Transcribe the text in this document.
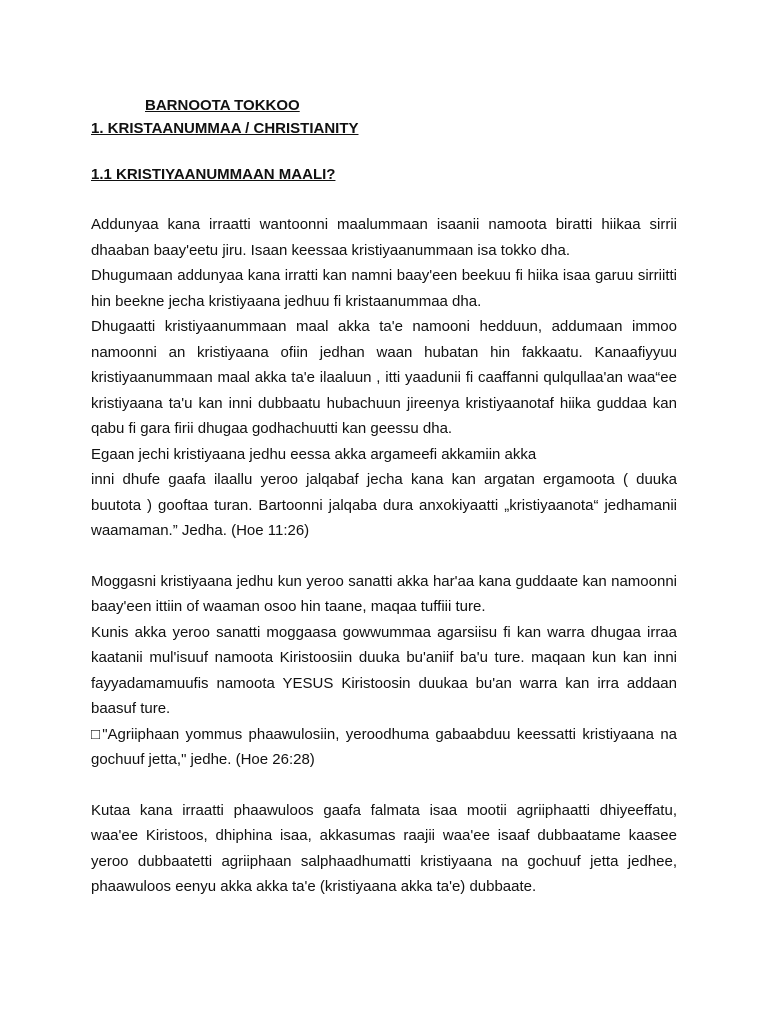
BARNOOTA TOKKOO
1. KRISTAANUMMAA / CHRISTIANITY
1.1 KRISTIYAANUMMAAN MAALI?

Addunyaa kana irraatti wantoonni maalummaan isaanii namoota biratti hiikaa sirrii dhaaban baay'eetu jiru. Isaan keessaa kristiyaanummaan isa tokko dha.

Dhugumaan addunyaa kana irratti kan namni baay'een beekuu fi hiika isaa garuu sirriitti hin beekne jecha kristiyaana jedhuu fi kristaanummaa dha.

Dhugaatti kristiyaanummaan maal akka ta'e namooni hedduun, addumaan immoo namoonni an kristiyaana ofiin jedhan waan hubatan hin fakkaatu. Kanaafiyyuu kristiyaanummaan maal akka ta'e ilaaluun , itti yaadunii fi caaffanni qulqullaa'an waa“ee kristiyaana ta'u kan inni dubbaatu hubachuun jireenya kristiyaanotaf hiika guddaa kan qabu fi gara firii dhugaa godhachuutti kan geessu dha.

Egaan jechi kristiyaana jedhu eessa akka argameefi akkamiin akka

inni dhufe gaafa ilaallu yeroo jalqabaf jecha kana kan argatan ergamoota ( duuka buutota ) gooftaa turan. Bartoonni jalqaba dura anxokiyaatti „kristiyaanota“ jedhamanii waamaman.” Jedha. (Hoe 11:26)

Moggasni kristiyaana jedhu kun yeroo sanatti akka har'aa kana guddaate kan namoonni baay'een ittiin of waaman osoo hin taane, maqaa tuffiii ture.

Kunis akka yeroo sanatti moggaasa gowwummaa agarsiisu fi kan warra dhugaa irraa kaatanii mul'isuuf namoota Kiristoosiin duuka bu'aniif ba'u ture. maqaan kun kan inni fayyadamamuufis namoota YESUS Kiristoosin duukaa bu'an warra kan irra addaan baasuf ture.

□"Agriiphaan yommus phaawulosiin, yeroodhuma gabaabduu keessatti kristiyaana na gochuuf jetta," jedhe. (Hoe 26:28)

Kutaa kana irraatti phaawuloos gaafa falmata isaa mootii agriiphaatti dhiyeeffatu, waa'ee Kiristoos, dhiphina isaa, akkasumas raajii waa'ee isaaf dubbaatame kaasee yeroo dubbaatetti agriiphaan salphaadhumatti kristiyaana na gochuuf jetta jedhee, phaawuloos eenyu akka akka ta'e (kristiyaana akka ta'e) dubbaate.
